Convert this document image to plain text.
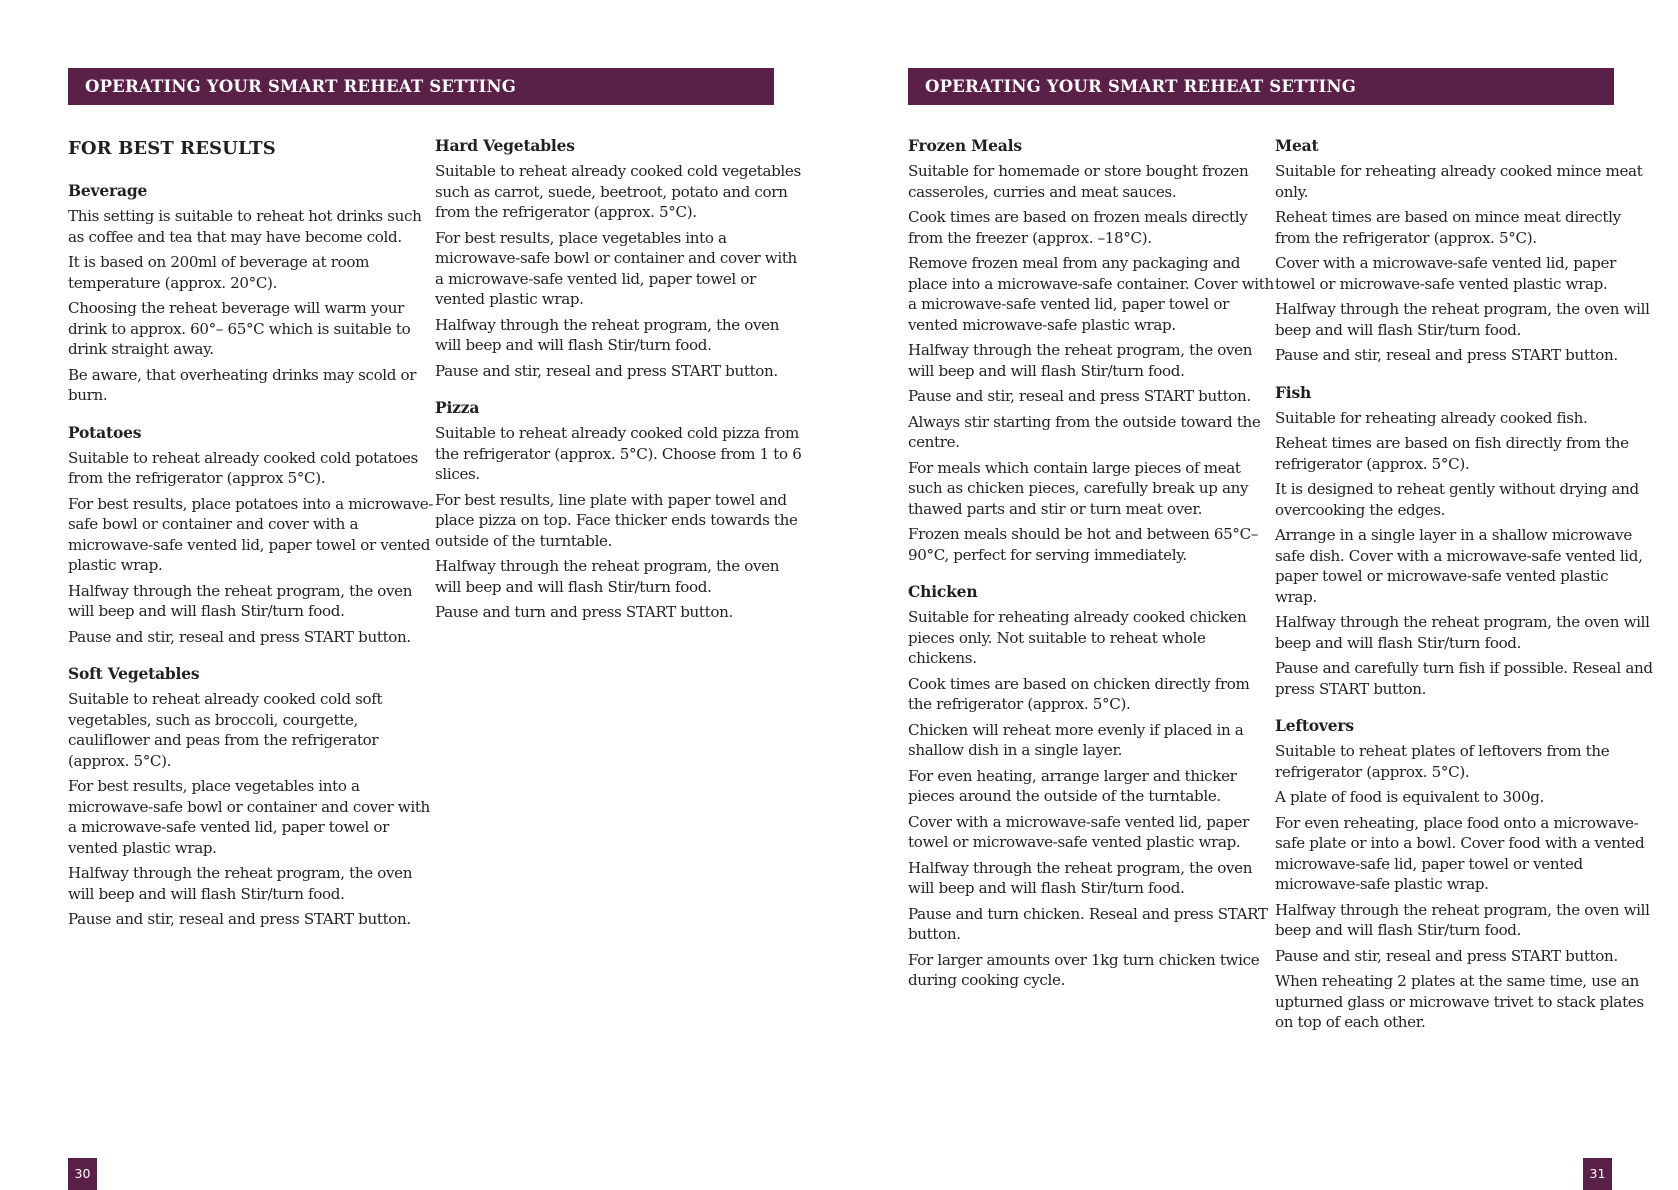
OPERATING YOUR SMART REHEAT SETTING	OPERATING YOUR SMART REHEAT SETTING
FOR BEST RESULTS
Beverage
This setting is suitable to reheat hot drinks such as coffee and tea that may have become cold.
It is based on 200ml of beverage at room temperature (approx. 20°C).
Choosing the reheat beverage will warm your drink to approx. 60°– 65°C which is suitable to drink straight away.
Be aware, that overheating drinks may scold or burn.
Potatoes
Suitable to reheat already cooked cold potatoes from the refrigerator (approx 5°C).
For best results, place potatoes into a microwave-safe bowl or container and cover with a microwave-safe vented lid, paper towel or vented plastic wrap.
Halfway through the reheat program, the oven will beep and will flash Stir/turn food.
Pause and stir, reseal and press START button.
Soft Vegetables
Suitable to reheat already cooked cold soft vegetables, such as broccoli, courgette, cauliflower and peas from the refrigerator (approx. 5°C).
For best results, place vegetables into a microwave-safe bowl or container and cover with a microwave-safe vented lid, paper towel or vented plastic wrap.
Halfway through the reheat program, the oven will beep and will flash Stir/turn food.
Pause and stir, reseal and press START button.
Hard Vegetables
Suitable to reheat already cooked cold vegetables such as carrot, suede, beetroot, potato and corn from the refrigerator (approx. 5°C).
For best results, place vegetables into a microwave-safe bowl or container and cover with a microwave-safe vented lid, paper towel or vented plastic wrap.
Halfway through the reheat program, the oven will beep and will flash Stir/turn food.
Pause and stir, reseal and press START button.
Pizza
Suitable to reheat already cooked cold pizza from the refrigerator (approx. 5°C). Choose from 1 to 6 slices.
For best results, line plate with paper towel and place pizza on top. Face thicker ends towards the outside of the turntable.
Halfway through the reheat program, the oven will beep and will flash Stir/turn food.
Pause and turn and press START button.
Frozen Meals
Suitable for homemade or store bought frozen casseroles, curries and meat sauces.
Cook times are based on frozen meals directly from the freezer (approx. –18°C).
Remove frozen meal from any packaging and place into a microwave-safe container. Cover with a microwave-safe vented lid, paper towel or vented microwave-safe plastic wrap.
Halfway through the reheat program, the oven will beep and will flash Stir/turn food.
Pause and stir, reseal and press START button.
Always stir starting from the outside toward the centre.
For meals which contain large pieces of meat such as chicken pieces, carefully break up any thawed parts and stir or turn meat over.
Frozen meals should be hot and between 65°C–90°C, perfect for serving immediately.
Chicken
Suitable for reheating already cooked chicken pieces only. Not suitable to reheat whole chickens.
Cook times are based on chicken directly from the refrigerator (approx. 5°C).
Chicken will reheat more evenly if placed in a shallow dish in a single layer.
For even heating, arrange larger and thicker pieces around the outside of the turntable.
Cover with a microwave-safe vented lid, paper towel or microwave-safe vented plastic wrap.
Halfway through the reheat program, the oven will beep and will flash Stir/turn food.
Pause and turn chicken. Reseal and press START button.
For larger amounts over 1kg turn chicken twice during cooking cycle.
Meat
Suitable for reheating already cooked mince meat only.
Reheat times are based on mince meat directly from the refrigerator (approx. 5°C).
Cover with a microwave-safe vented lid, paper towel or microwave-safe vented plastic wrap.
Halfway through the reheat program, the oven will beep and will flash Stir/turn food.
Pause and stir, reseal and press START button.
Fish
Suitable for reheating already cooked fish.
Reheat times are based on fish directly from the refrigerator (approx. 5°C).
It is designed to reheat gently without drying and overcooking the edges.
Arrange in a single layer in a shallow microwave safe dish. Cover with a microwave-safe vented lid, paper towel or microwave-safe vented plastic wrap.
Halfway through the reheat program, the oven will beep and will flash Stir/turn food.
Pause and carefully turn fish if possible. Reseal and press START button.
Leftovers
Suitable to reheat plates of leftovers from the refrigerator (approx. 5°C).
A plate of food is equivalent to 300g.
For even reheating, place food onto a microwave-safe plate or into a bowl. Cover food with a vented microwave-safe lid, paper towel or vented microwave-safe plastic wrap.
Halfway through the reheat program, the oven will beep and will flash Stir/turn food.
Pause and stir, reseal and press START button.
When reheating 2 plates at the same time, use an upturned glass or microwave trivet to stack plates on top of each other.
30	31
